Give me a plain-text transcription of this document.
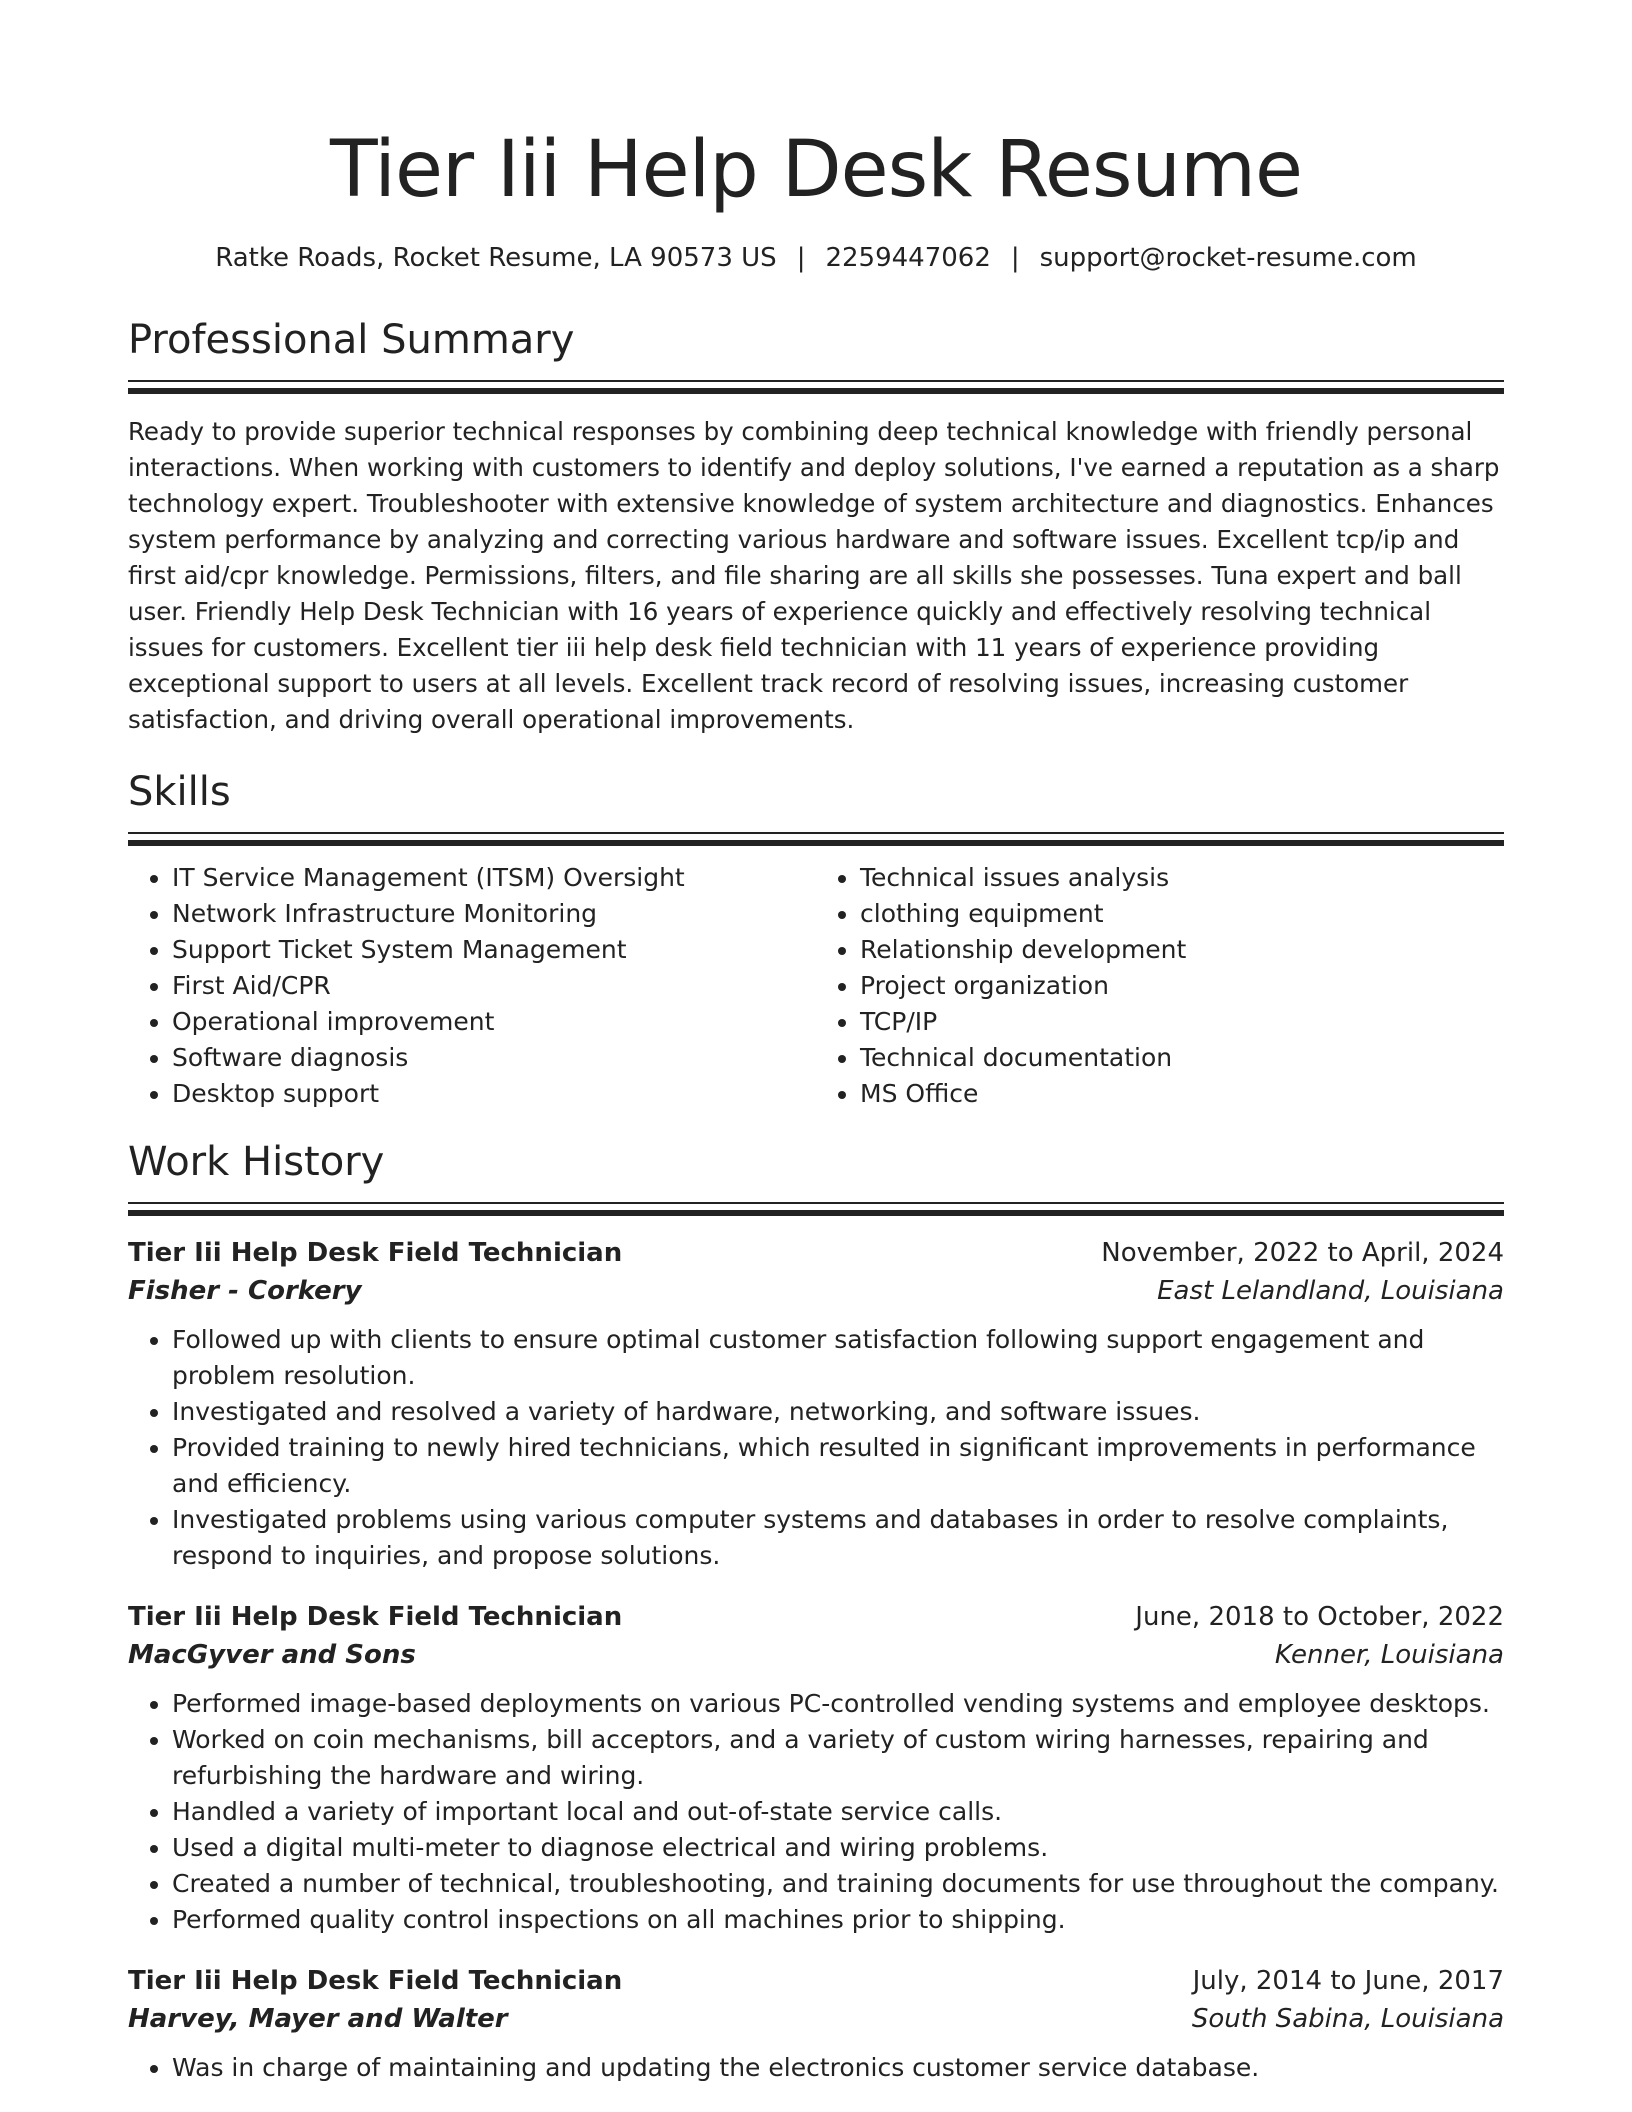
Tier Iii Help Desk Resume
Ratke Roads, Rocket Resume, LA 90573 US | 2259447062 | support@rocket-resume.com
Professional Summary

Ready to provide superior technical responses by combining deep technical knowledge with friendly personal interactions. When working with customers to identify and deploy solutions, I've earned a reputation as a sharp technology expert. Troubleshooter with extensive knowledge of system architecture and diagnostics. Enhances system performance by analyzing and correcting various hardware and software issues. Excellent tcp/ip and first aid/cpr knowledge. Permissions, filters, and file sharing are all skills she possesses. Tuna expert and ball user. Friendly Help Desk Technician with 16 years of experience quickly and effectively resolving technical issues for customers. Excellent tier iii help desk field technician with 11 years of experience providing exceptional support to users at all levels. Excellent track record of resolving issues, increasing customer satisfaction, and driving overall operational improvements.

Skills
• IT Service Management (ITSM) Oversight
• Network Infrastructure Monitoring
• Support Ticket System Management
• First Aid/CPR
• Operational improvement
• Software diagnosis
• Desktop support
• Technical issues analysis
• clothing equipment
• Relationship development
• Project organization
• TCP/IP
• Technical documentation
• MS Office
Work History
Tier Iii Help Desk Field Technician	November, 2022 to April, 2024
Fisher - Corkery	East Lelandland, Louisiana
• Followed up with clients to ensure optimal customer satisfaction following support engagement and problem resolution.
• Investigated and resolved a variety of hardware, networking, and software issues.
• Provided training to newly hired technicians, which resulted in significant improvements in performance and efficiency.
• Investigated problems using various computer systems and databases in order to resolve complaints, respond to inquiries, and propose solutions.
Tier Iii Help Desk Field Technician	June, 2018 to October, 2022
MacGyver and Sons	Kenner, Louisiana
• Performed image-based deployments on various PC-controlled vending systems and employee desktops.
• Worked on coin mechanisms, bill acceptors, and a variety of custom wiring harnesses, repairing and refurbishing the hardware and wiring.
• Handled a variety of important local and out-of-state service calls.
• Used a digital multi-meter to diagnose electrical and wiring problems.
• Created a number of technical, troubleshooting, and training documents for use throughout the company.
• Performed quality control inspections on all machines prior to shipping.
Tier Iii Help Desk Field Technician	July, 2014 to June, 2017
Harvey, Mayer and Walter	South Sabina, Louisiana
• Was in charge of maintaining and updating the electronics customer service database.
